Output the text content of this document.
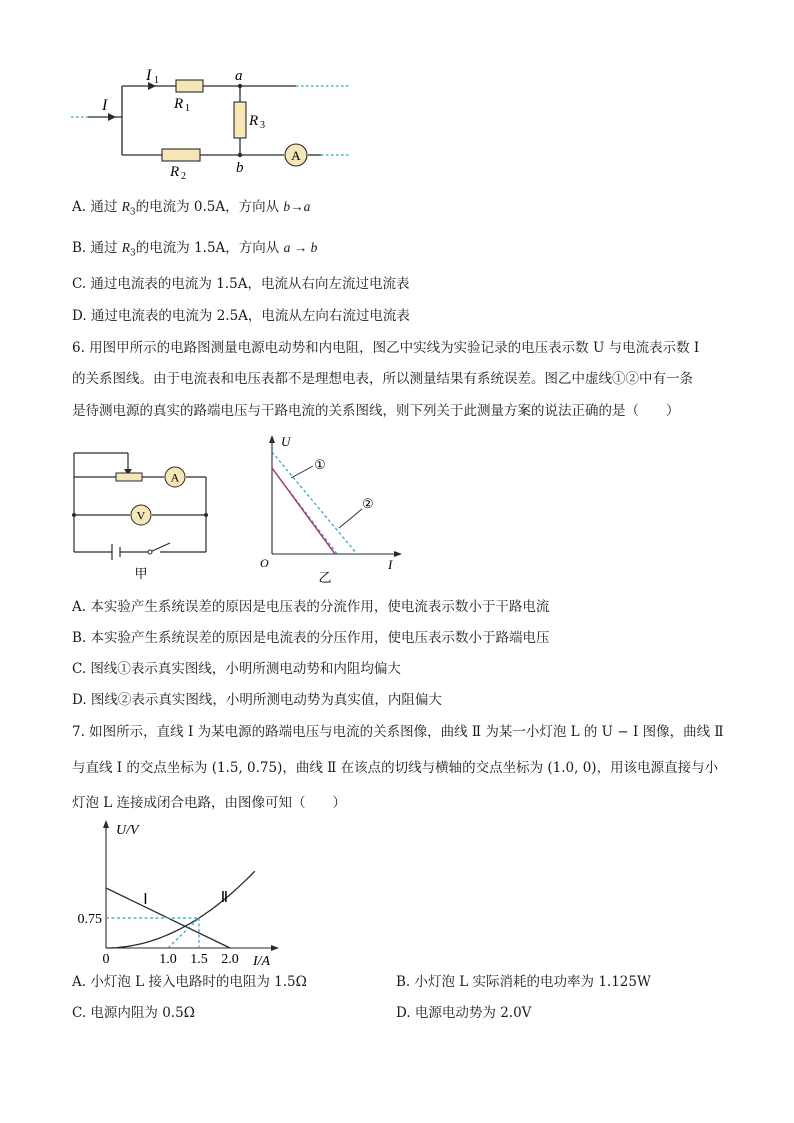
A
I
I 1
R 1
R 2
R 3
a
b
A. 通过 $R_3$的电流为 0.5A，方向从 b→a
B. 通过 $R_3$的电流为 1.5A，方向从 a → b
C. 通过电流表的电流为 1.5A，电流从右向左流过电流表
D. 通过电流表的电流为 2.5A，电流从左向右流过电流表
6. 用图甲所示的电路图测量电源电动势和内电阻，图乙中实线为实验记录的电压表示数 U 与电流表示数 I
的关系图线。由于电流表和电压表都不是理想电表，所以测量结果有系统误差。图乙中虚线①②中有一条
是待测电源的真实的路端电压与干路电流的关系图线，则下列关于此测量方案的说法正确的是（　　）
A
V
甲
U
I
O
①
②
乙
A. 本实验产生系统误差的原因是电压表的分流作用，使电流表示数小于干路电流
B. 本实验产生系统误差的原因是电流表的分压作用，使电压表示数小于路端电压
C. 图线①表示真实图线，小明所测电动势和内阻均偏大
D. 图线②表示真实图线，小明所测电动势为真实值，内阻偏大
7. 如图所示，直线 Ⅰ 为某电源的路端电压与电流的关系图像，曲线 Ⅱ 为某一小灯泡 L 的 U − I 图像，曲线 Ⅱ
与直线 Ⅰ 的交点坐标为 (1.5, 0.75)，曲线 Ⅱ 在该点的切线与横轴的交点坐标为 (1.0, 0)，用该电源直接与小
灯泡 L 连接成闭合电路，由图像可知（　　）
U/V
I/A
Ⅰ	Ⅱ
0	1.0 1.5 2.0
0.75
A. 小灯泡 L 接入电路时的电阻为 1.5Ω	B. 小灯泡 L 实际消耗的电功率为 1.125W
C. 电源内阻为 0.5Ω	D. 电源电动势为 2.0V
